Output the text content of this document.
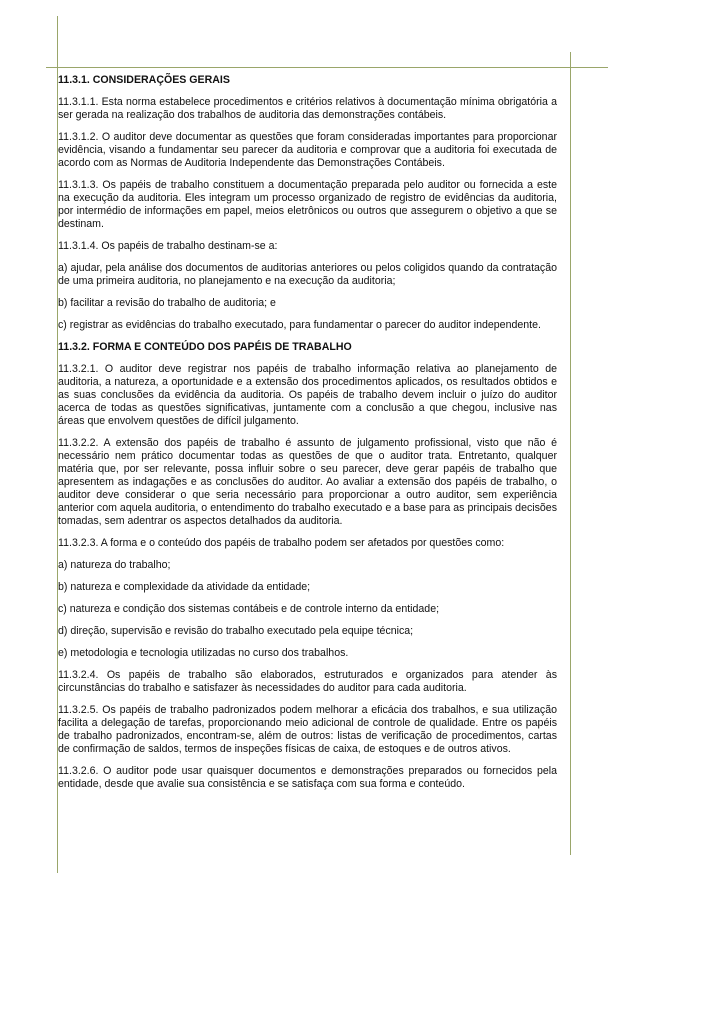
11.3.1. CONSIDERAÇÕES GERAIS

11.3.1.1. Esta norma estabelece procedimentos e critérios relativos à documentação mínima obrigatória a ser gerada na realização dos trabalhos de auditoria das demonstrações contábeis.

11.3.1.2. O auditor deve documentar as questões que foram consideradas importantes para proporcionar evidência, visando a fundamentar seu parecer da auditoria e comprovar que a auditoria foi executada de acordo com as Normas de Auditoria Independente das Demonstrações Contábeis.

11.3.1.3. Os papéis de trabalho constituem a documentação preparada pelo auditor ou fornecida a este na execução da auditoria. Eles integram um processo organizado de registro de evidências da auditoria, por intermédio de informações em papel, meios eletrônicos ou outros que assegurem o objetivo a que se destinam.

11.3.1.4. Os papéis de trabalho destinam-se a:

a) ajudar, pela análise dos documentos de auditorias anteriores ou pelos coligidos quando da contratação de uma primeira auditoria, no planejamento e na execução da auditoria;

b) facilitar a revisão do trabalho de auditoria; e

c) registrar as evidências do trabalho executado, para fundamentar o parecer do auditor independente.

11.3.2. FORMA E CONTEÚDO DOS PAPÉIS DE TRABALHO

11.3.2.1. O auditor deve registrar nos papéis de trabalho informação relativa ao planejamento de auditoria, a natureza, a oportunidade e a extensão dos procedimentos aplicados, os resultados obtidos e as suas conclusões da evidência da auditoria. Os papéis de trabalho devem incluir o juízo do auditor acerca de todas as questões significativas, juntamente com a conclusão a que chegou, inclusive nas áreas que envolvem questões de difícil julgamento.

11.3.2.2. A extensão dos papéis de trabalho é assunto de julgamento profissional, visto que não é necessário nem prático documentar todas as questões de que o auditor trata. Entretanto, qualquer matéria que, por ser relevante, possa influir sobre o seu parecer, deve gerar papéis de trabalho que apresentem as indagações e as conclusões do auditor. Ao avaliar a extensão dos papéis de trabalho, o auditor deve considerar o que seria necessário para proporcionar a outro auditor, sem experiência anterior com aquela auditoria, o entendimento do trabalho executado e a base para as principais decisões tomadas, sem adentrar os aspectos detalhados da auditoria.

11.3.2.3. A forma e o conteúdo dos papéis de trabalho podem ser afetados por questões como:

a) natureza do trabalho;

b) natureza e complexidade da atividade da entidade;

c) natureza e condição dos sistemas contábeis e de controle interno da entidade;

d) direção, supervisão e revisão do trabalho executado pela equipe técnica;

e) metodologia e tecnologia utilizadas no curso dos trabalhos.

11.3.2.4. Os papéis de trabalho são elaborados, estruturados e organizados para atender às circunstâncias do trabalho e satisfazer às necessidades do auditor para cada auditoria.

11.3.2.5. Os papéis de trabalho padronizados podem melhorar a eficácia dos trabalhos, e sua utilização facilita a delegação de tarefas, proporcionando meio adicional de controle de qualidade. Entre os papéis de trabalho padronizados, encontram-se, além de outros: listas de verificação de procedimentos, cartas de confirmação de saldos, termos de inspeções físicas de caixa, de estoques e de outros ativos.

11.3.2.6. O auditor pode usar quaisquer documentos e demonstrações preparados ou fornecidos pela entidade, desde que avalie sua consistência e se satisfaça com sua forma e conteúdo.
